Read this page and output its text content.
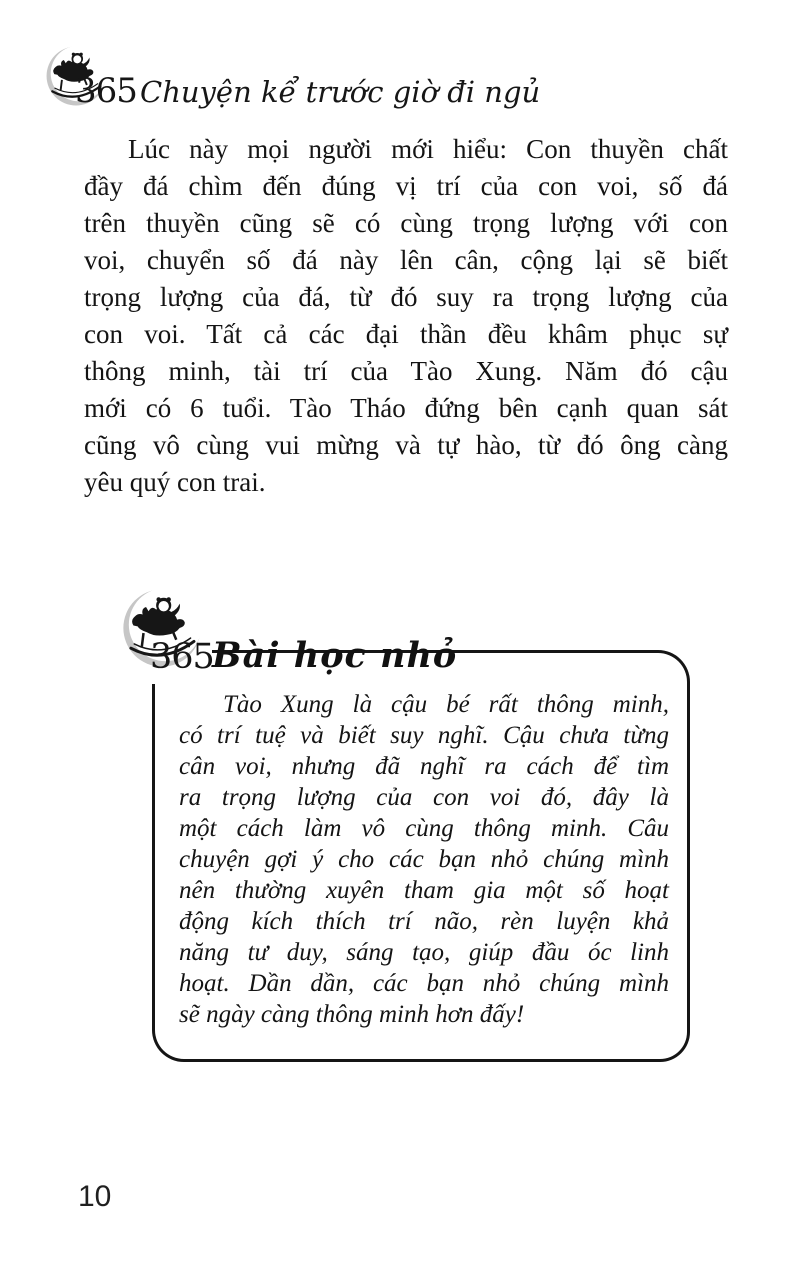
365 Chuyện kể trước giờ đi ngủ
Lúc này mọi người mới hiểu: Con thuyền chất
đầy đá chìm đến đúng vị trí của con voi, số đá
trên thuyền cũng sẽ có cùng trọng lượng với con
voi, chuyển số đá này lên cân, cộng lại sẽ biết
trọng lượng của đá, từ đó suy ra trọng lượng của
con voi. Tất cả các đại thần đều khâm phục sự
thông minh, tài trí của Tào Xung. Năm đó cậu
mới có 6 tuổi. Tào Tháo đứng bên cạnh quan sát
cũng vô cùng vui mừng và tự hào, từ đó ông càng
yêu quý con trai.
Tào Xung là cậu bé rất thông minh,
có trí tuệ và biết suy nghĩ. Cậu chưa từng
cân voi, nhưng đã nghĩ ra cách để tìm
ra trọng lượng của con voi đó, đây là
một cách làm vô cùng thông minh. Câu
chuyện gợi ý cho các bạn nhỏ chúng mình
nên thường xuyên tham gia một số hoạt
động kích thích trí não, rèn luyện khả
năng tư duy, sáng tạo, giúp đầu óc linh
hoạt. Dần dần, các bạn nhỏ chúng mình
sẽ ngày càng thông minh hơn đấy!
365
Bài học nhỏ
10
